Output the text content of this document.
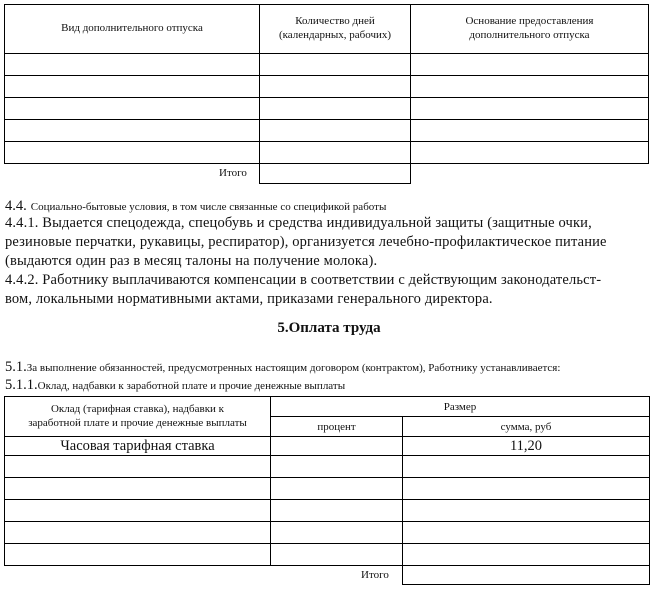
Вид дополнительного отпуска
Количество дней
(календарных, рабочих)
Основание предоставления
дополнительного отпуска
Итого
4.4. Социально-бытовые условия, в том числе связанные со спецификой работы
4.4.1. Выдается спецодежда, спецобувь и средства индивидуальной защиты (защитные очки,
резиновые перчатки, рукавицы, респиратор), организуется лечебно-профилактическое питание
(выдаются один раз в месяц талоны на получение молока).
4.4.2. Работнику выплачиваются компенсации в соответствии с действующим законодательст-
вом, локальными нормативными актами, приказами генерального директора.
5.Оплата труда
5.1.За выполнение обязанностей, предусмотренных настоящим договором (контрактом), Работнику устанавливается:
5.1.1.Оклад, надбавки к заработной плате и прочие денежные выплаты
Оклад (тарифная ставка), надбавки к
заработной плате и прочие денежные выплаты
Размер
процент	сумма, руб
Часовая тарифная ставка	11,20
Итого
